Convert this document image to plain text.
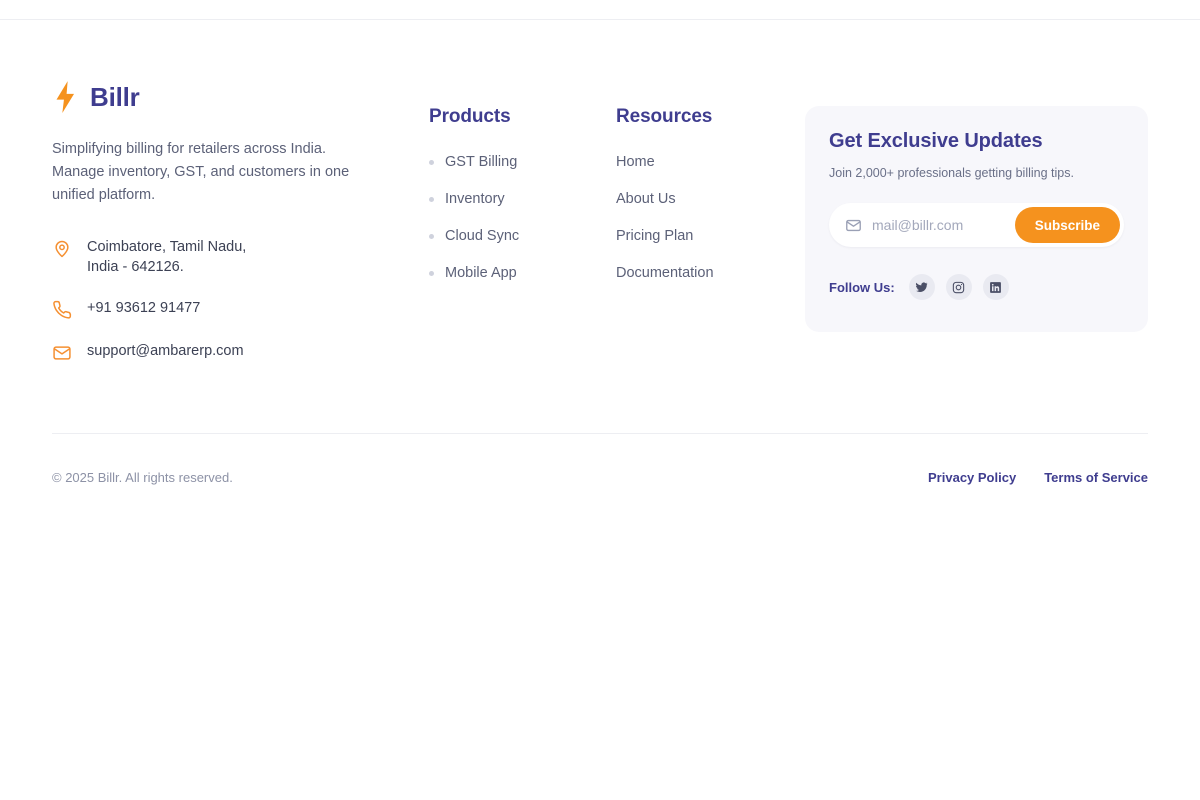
Billr
Simplifying billing for retailers across India. Manage inventory, GST, and customers in one unified platform.
Coimbatore, Tamil Nadu,
India - 642126.
+91 93612 91477
support@ambarerp.com
Products
GST Billing
Inventory
Cloud Sync
Mobile App
Resources
Home
About Us
Pricing Plan
Documentation
Get Exclusive Updates
Join 2,000+ professionals getting billing tips.
mail@billr.com
Subscribe
Follow Us:
© 2025 Billr. All rights reserved.	Privacy Policy Terms of Service
